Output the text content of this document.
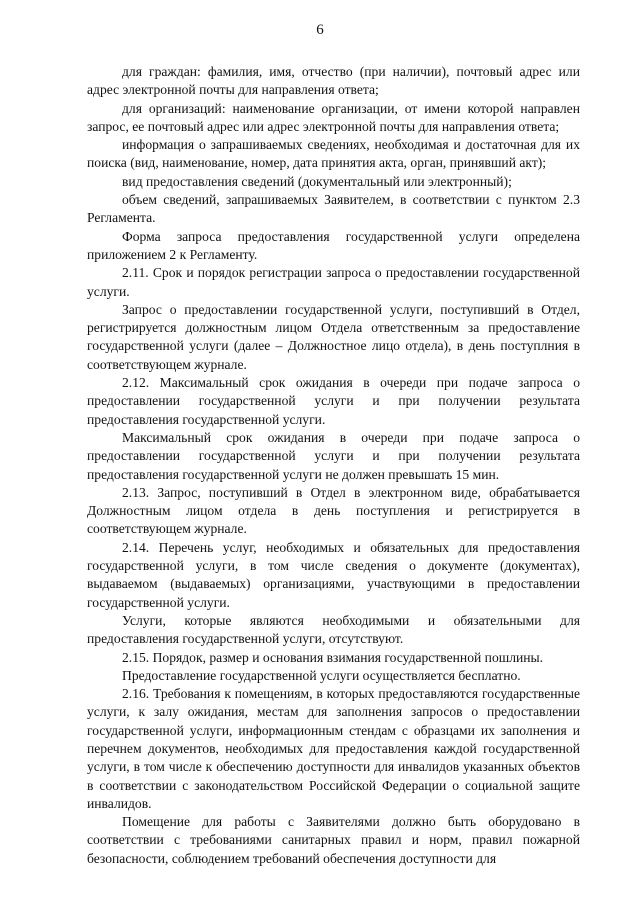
6

для граждан: фамилия, имя, отчество (при наличии), почтовый адрес или адрес электронной почты для направления ответа;

для организаций: наименование организации, от имени которой направлен запрос, ее почтовый адрес или адрес электронной почты для направления ответа;

информация о запрашиваемых сведениях, необходимая и достаточная для их поиска (вид, наименование, номер, дата принятия акта, орган, принявший акт);

вид предоставления сведений (документальный или электронный);

объем сведений, запрашиваемых Заявителем, в соответствии с пунктом 2.3 Регламента.

Форма запроса предоставления государственной услуги определена приложением 2 к Регламенту.

2.11. Срок и порядок регистрации запроса о предоставлении государственной услуги.

Запрос о предоставлении государственной услуги, поступивший в Отдел, регистрируется должностным лицом Отдела ответственным за предоставление государственной услуги (далее – Должностное лицо отдела), в день поступлния в соответствующем журнале.

2.12. Максимальный срок ожидания в очереди при подаче запроса о предоставлении государственной услуги и при получении результата предоставления государственной услуги.

Максимальный срок ожидания в очереди при подаче запроса о предоставлении государственной услуги и при получении результата предоставления государственной услуги не должен превышать 15 мин.

2.13. Запрос, поступивший в Отдел в электронном виде, обрабатывается Должностным лицом отдела в день поступления и регистрируется в соответствующем журнале.

2.14. Перечень услуг, необходимых и обязательных для предоставления государственной услуги, в том числе сведения о документе (документах), выдаваемом (выдаваемых) организациями, участвующими в предоставлении государственной услуги.

Услуги, которые являются необходимыми и обязательными для предоставления государственной услуги, отсутствуют.

2.15. Порядок, размер и основания взимания государственной пошлины.

Предоставление государственной услуги осуществляется бесплатно.

2.16. Требования к помещениям, в которых предоставляются государственные услуги, к залу ожидания, местам для заполнения запросов о предоставлении государственной услуги, информационным стендам с образцами их заполнения и перечнем документов, необходимых для предоставления каждой государственной услуги, в том числе к обеспечению доступности для инвалидов указанных объектов в соответствии с законодательством Российской Федерации о социальной защите инвалидов.

Помещение для работы с Заявителями должно быть оборудовано в соответствии с требованиями санитарных правил и норм, правил пожарной безопасности, соблюдением требований обеспечения доступности для
